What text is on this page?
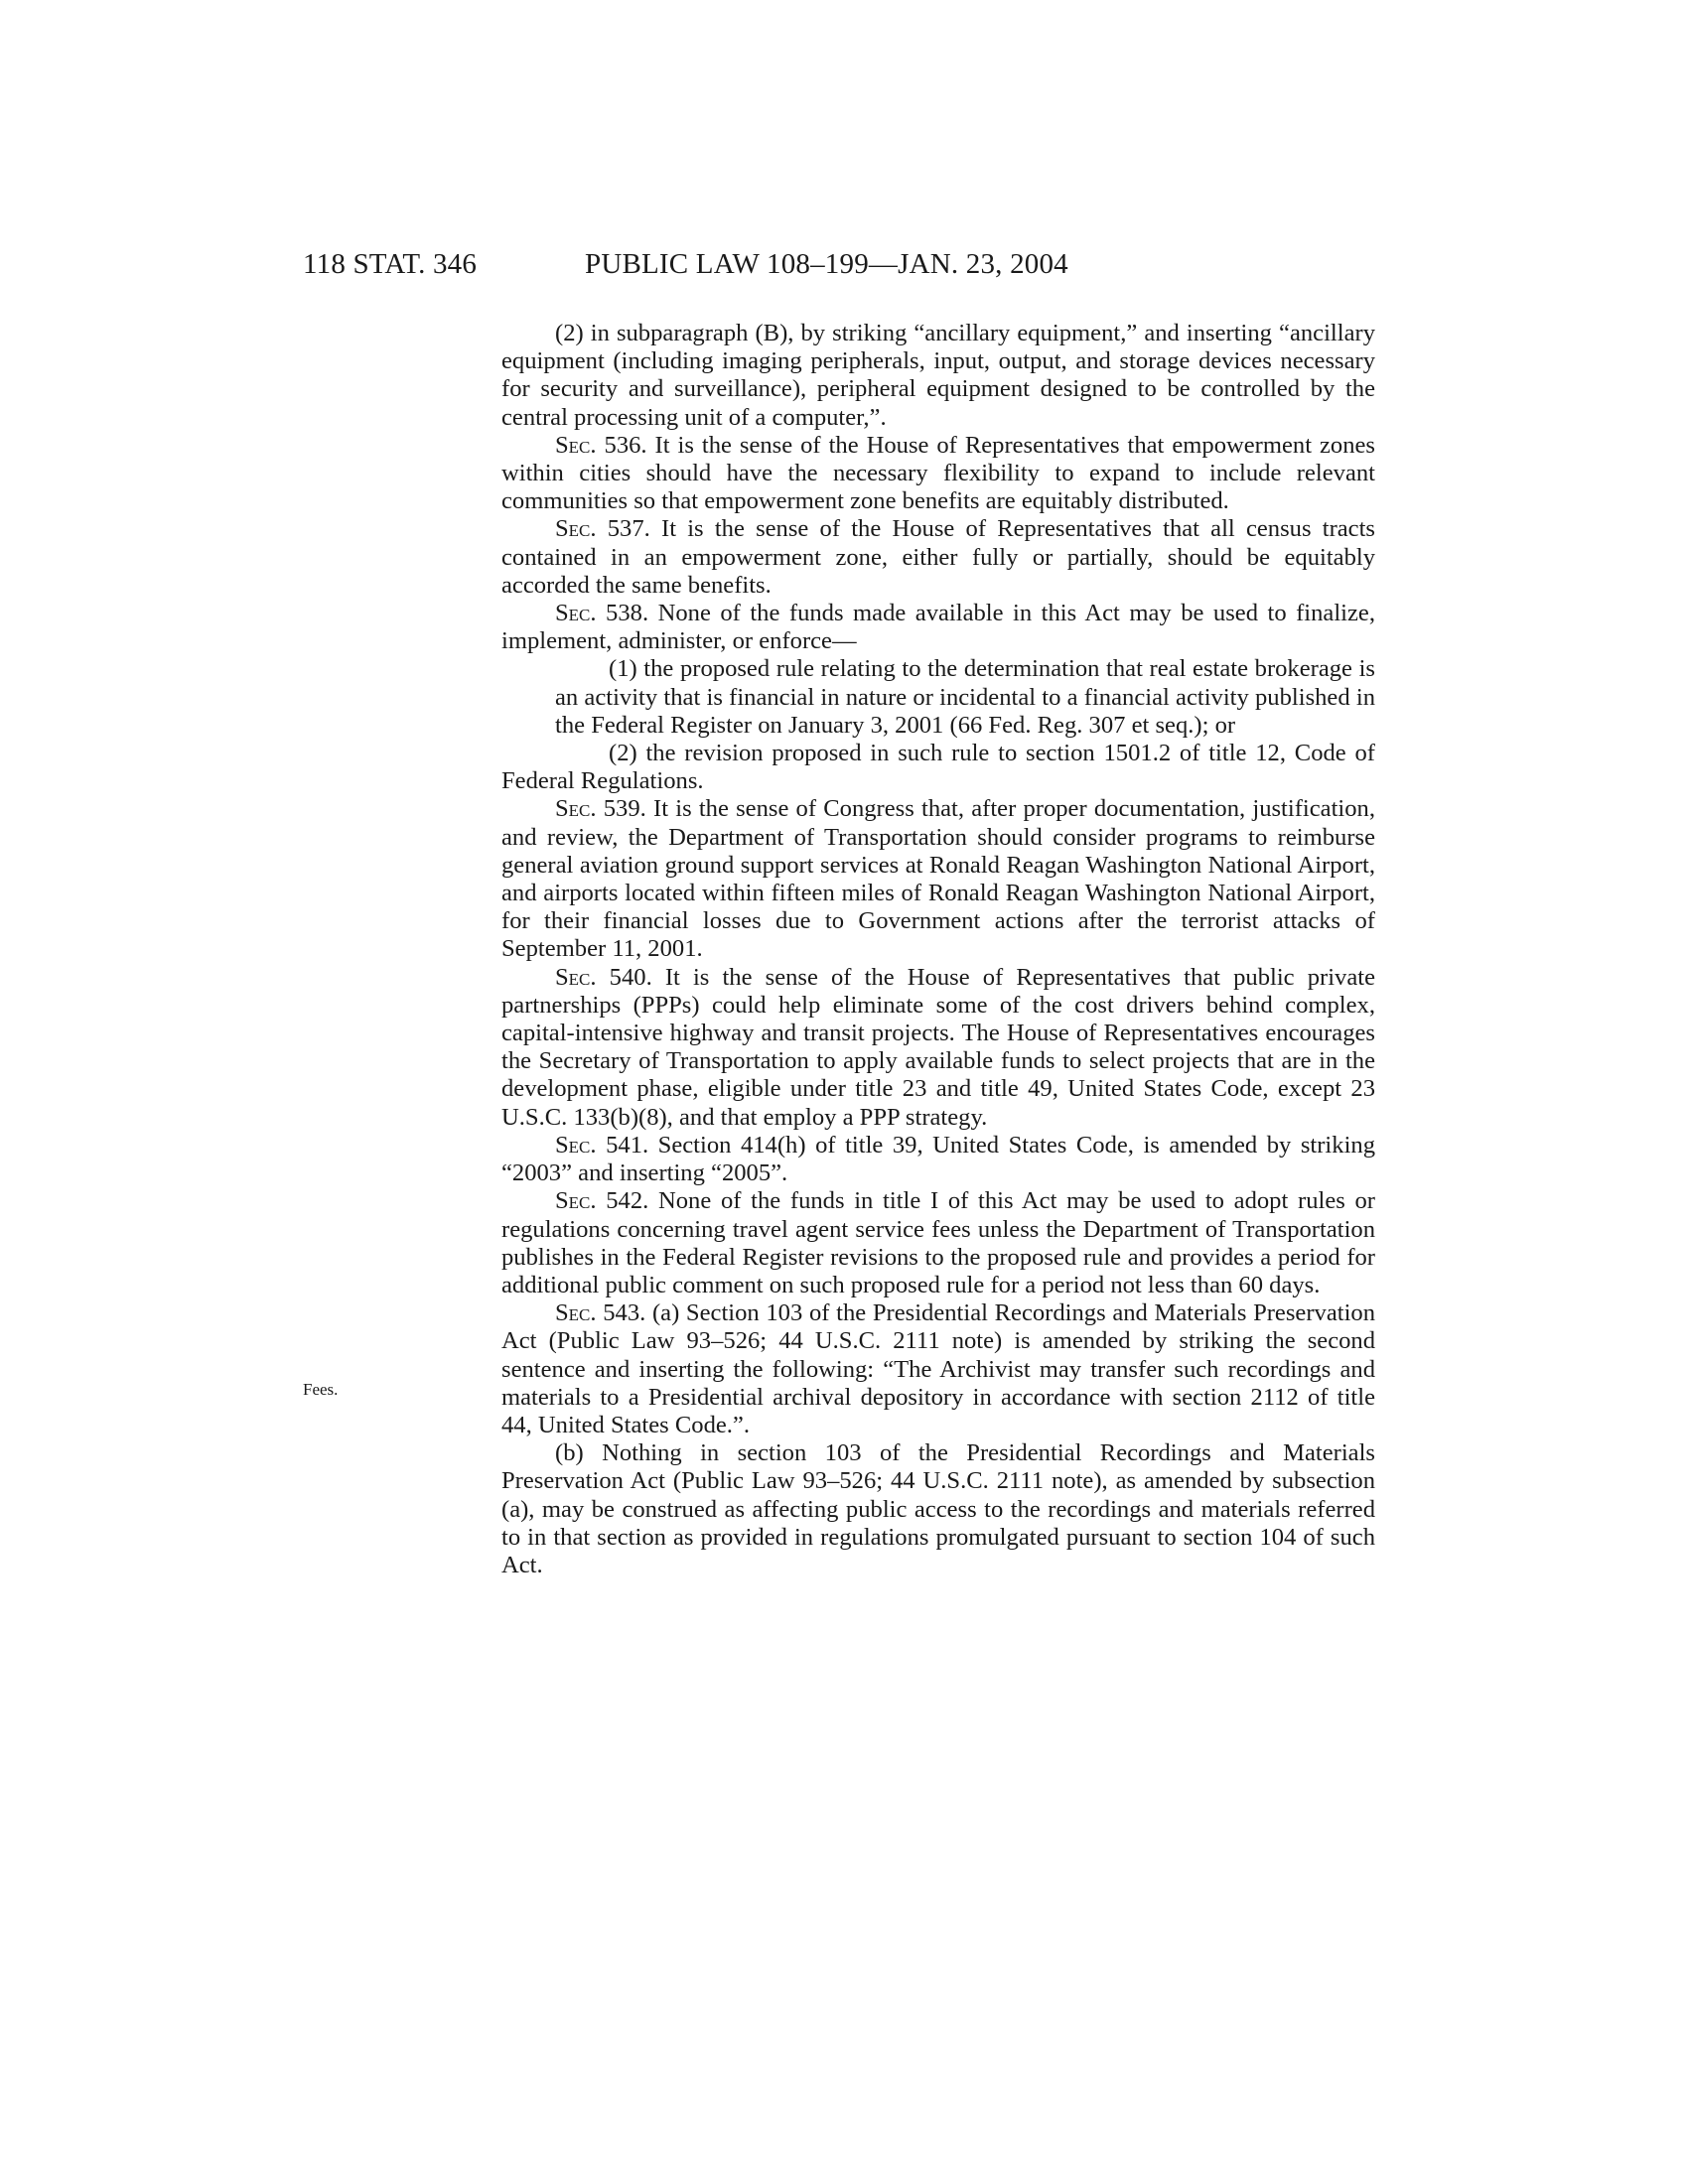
118 STAT. 346	PUBLIC LAW 108–199—JAN. 23, 2004
Fees.

(2) in subparagraph (B), by striking “ancillary equipment,” and inserting “ancillary equipment (including imaging peripherals, input, output, and storage devices necessary for security and surveillance), peripheral equipment designed to be controlled by the central processing unit of a computer,”.

Sec. 536. It is the sense of the House of Representatives that empowerment zones within cities should have the necessary flexibility to expand to include relevant communities so that empowerment zone benefits are equitably distributed.

Sec. 537. It is the sense of the House of Representatives that all census tracts contained in an empowerment zone, either fully or partially, should be equitably accorded the same benefits.

Sec. 538. None of the funds made available in this Act may be used to finalize, implement, administer, or enforce—

(1) the proposed rule relating to the determination that real estate brokerage is an activity that is financial in nature or incidental to a financial activity published in the Federal Register on January 3, 2001 (66 Fed. Reg. 307 et seq.); or

(2) the revision proposed in such rule to section 1501.2 of title 12, Code of Federal Regulations.

Sec. 539. It is the sense of Congress that, after proper documentation, justification, and review, the Department of Transportation should consider programs to reimburse general aviation ground support services at Ronald Reagan Washington National Airport, and airports located within fifteen miles of Ronald Reagan Washington National Airport, for their financial losses due to Government actions after the terrorist attacks of September 11, 2001.

Sec. 540. It is the sense of the House of Representatives that public private partnerships (PPPs) could help eliminate some of the cost drivers behind complex, capital-intensive highway and transit projects. The House of Representatives encourages the Secretary of Transportation to apply available funds to select projects that are in the development phase, eligible under title 23 and title 49, United States Code, except 23 U.S.C. 133(b)(8), and that employ a PPP strategy.

Sec. 541. Section 414(h) of title 39, United States Code, is amended by striking “2003” and inserting “2005”.

Sec. 542. None of the funds in title I of this Act may be used to adopt rules or regulations concerning travel agent service fees unless the Department of Transportation publishes in the Federal Register revisions to the proposed rule and provides a period for additional public comment on such proposed rule for a period not less than 60 days.

Sec. 543. (a) Section 103 of the Presidential Recordings and Materials Preservation Act (Public Law 93–526; 44 U.S.C. 2111 note) is amended by striking the second sentence and inserting the following: “The Archivist may transfer such recordings and materials to a Presidential archival depository in accordance with section 2112 of title 44, United States Code.”.

(b) Nothing in section 103 of the Presidential Recordings and Materials Preservation Act (Public Law 93–526; 44 U.S.C. 2111 note), as amended by subsection (a), may be construed as affecting public access to the recordings and materials referred to in that section as provided in regulations promulgated pursuant to section 104 of such Act.
